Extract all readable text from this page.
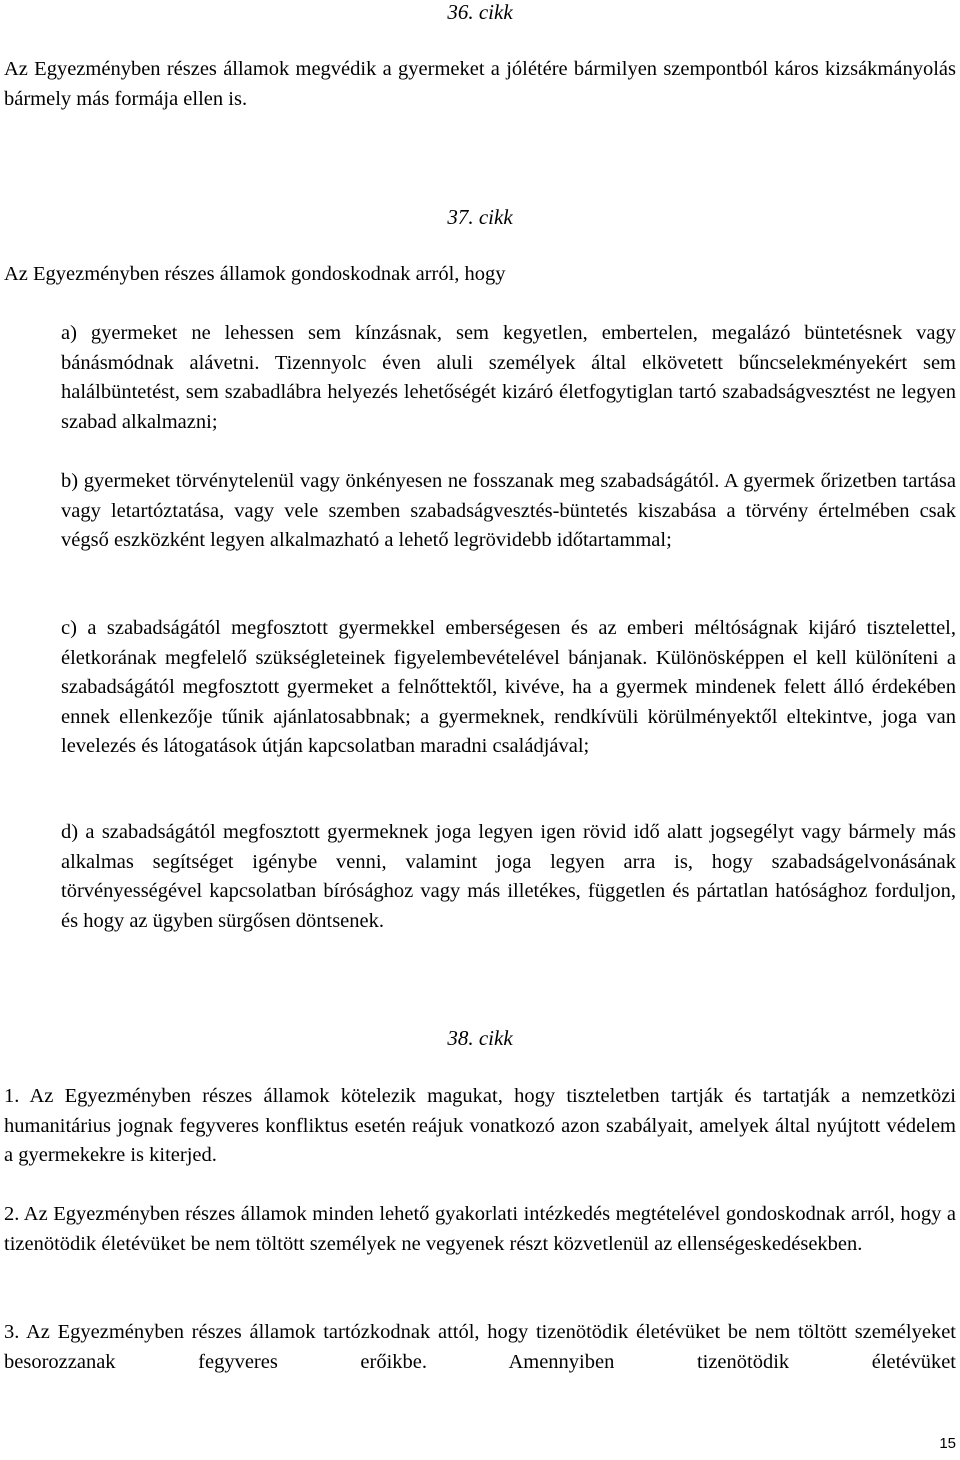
36. cikk
Az Egyezményben részes államok megvédik a gyermeket a jólétére bármilyen szempontból káros kizsákmányolás bármely más formája ellen is.
37. cikk
Az Egyezményben részes államok gondoskodnak arról, hogy
a) gyermeket ne lehessen sem kínzásnak, sem kegyetlen, embertelen, megalázó büntetésnek vagy bánásmódnak alávetni. Tizennyolc éven aluli személyek által elkövetett bűncselekményekért sem halálbüntetést, sem szabadlábra helyezés lehetőségét kizáró életfogytiglan tartó szabadságvesztést ne legyen szabad alkalmazni;
b) gyermeket törvénytelenül vagy önkényesen ne fosszanak meg szabadságától. A gyermek őrizetben tartása vagy letartóztatása, vagy vele szemben szabadságvesztés-büntetés kiszabása a törvény értelmében csak végső eszközként legyen alkalmazható a lehető legrövidebb időtartammal;
c) a szabadságától megfosztott gyermekkel emberségesen és az emberi méltóságnak kijáró tisztelettel, életkorának megfelelő szükségleteinek figyelembevételével bánjanak. Különösképpen el kell különíteni a szabadságától megfosztott gyermeket a felnőttektől, kivéve, ha a gyermek mindenek felett álló érdekében ennek ellenkezője tűnik ajánlatosabbnak; a gyermeknek, rendkívüli körülményektől eltekintve, joga van levelezés és látogatások útján kapcsolatban maradni családjával;
d) a szabadságától megfosztott gyermeknek joga legyen igen rövid idő alatt jogsegélyt vagy bármely más alkalmas segítséget igénybe venni, valamint joga legyen arra is, hogy szabadságelvonásának törvényességével kapcsolatban bírósághoz vagy más illetékes, független és pártatlan hatósághoz forduljon, és hogy az ügyben sürgősen döntsenek.
38. cikk
1. Az Egyezményben részes államok kötelezik magukat, hogy tiszteletben tartják és tartatják a nemzetközi humanitárius jognak fegyveres konfliktus esetén reájuk vonatkozó azon szabályait, amelyek által nyújtott védelem a gyermekekre is kiterjed.
2. Az Egyezményben részes államok minden lehető gyakorlati intézkedés megtételével gondoskodnak arról, hogy a tizenötödik életévüket be nem töltött személyek ne vegyenek részt közvetlenül az ellenségeskedésekben.
3. Az Egyezményben részes államok tartózkodnak attól, hogy tizenötödik életévüket be nem töltött személyeket besorozzanak fegyveres erőikbe. Amennyiben tizenötödik életévüket
15
